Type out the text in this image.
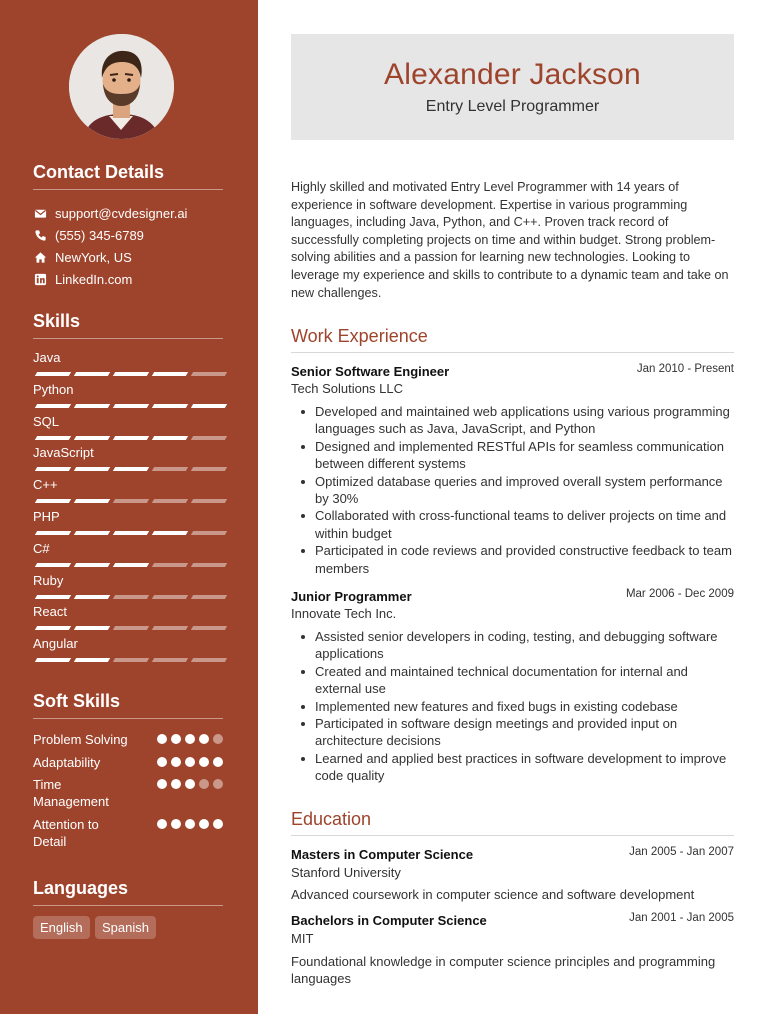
Contact Details
support@cvdesigner.ai
(555) 345-6789
NewYork, US
LinkedIn.com
Skills
Java
Python
SQL
JavaScript
C++
PHP
C#
Ruby
React
Angular
Soft Skills
Problem Solving
Adaptability
Time Management
Attention to Detail
Languages
English	Spanish
Alexander Jackson
Entry Level Programmer

Highly skilled and motivated Entry Level Programmer with 14 years of experience in software development. Expertise in various programming languages, including Java, Python, and C++. Proven track record of successfully completing projects on time and within budget. Strong problem-solving abilities and a passion for learning new technologies. Looking to leverage my experience and skills to contribute to a dynamic team and take on new challenges.

Work Experience
Senior Software Engineer	Jan 2010 - Present
Tech Solutions LLC
Developed and maintained web applications using various programming languages such as Java, JavaScript, and Python
Designed and implemented RESTful APIs for seamless communication between different systems
Optimized database queries and improved overall system performance by 30%
Collaborated with cross-functional teams to deliver projects on time and within budget
Participated in code reviews and provided constructive feedback to team members
Junior Programmer	Mar 2006 - Dec 2009
Innovate Tech Inc.
Assisted senior developers in coding, testing, and debugging software applications
Created and maintained technical documentation for internal and external use
Implemented new features and fixed bugs in existing codebase
Participated in software design meetings and provided input on architecture decisions
Learned and applied best practices in software development to improve code quality
Education
Masters in Computer Science	Jan 2005 - Jan 2007
Stanford University

Advanced coursework in computer science and software development

Bachelors in Computer Science	Jan 2001 - Jan 2005
MIT

Foundational knowledge in computer science principles and programming languages
